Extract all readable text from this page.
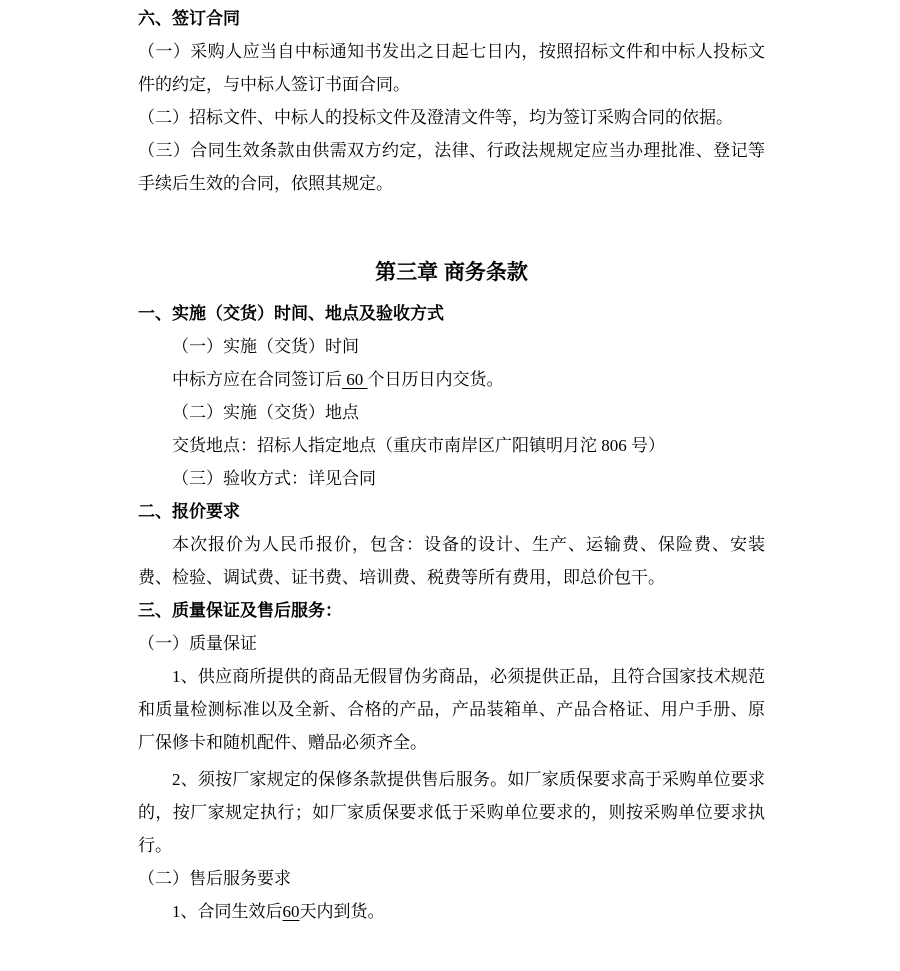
六、签订合同

（一）采购人应当自中标通知书发出之日起七日内，按照招标文件和中标人投标文件的约定，与中标人签订书面合同。

（二）招标文件、中标人的投标文件及澄清文件等，均为签订采购合同的依据。

（三）合同生效条款由供需双方约定，法律、行政法规规定应当办理批准、登记等手续后生效的合同，依照其规定。

第三章 商务条款

一、实施（交货）时间、地点及验收方式

（一）实施（交货）时间

中标方应在合同签订后 60 个日历日内交货。

（二）实施（交货）地点

交货地点：招标人指定地点（重庆市南岸区广阳镇明月沱 806 号）

（三）验收方式：详见合同

二、报价要求

本次报价为人民币报价，包含：设备的设计、生产、运输费、保险费、安装费、检验、调试费、证书费、培训费、税费等所有费用，即总价包干。

三、质量保证及售后服务：

（一）质量保证

1、供应商所提供的商品无假冒伪劣商品，必须提供正品，且符合国家技术规范和质量检测标准以及全新、合格的产品，产品装箱单、产品合格证、用户手册、原厂保修卡和随机配件、赠品必须齐全。

2、须按厂家规定的保修条款提供售后服务。如厂家质保要求高于采购单位要求的，按厂家规定执行；如厂家质保要求低于采购单位要求的，则按采购单位要求执行。

（二）售后服务要求

1、合同生效后60天内到货。
